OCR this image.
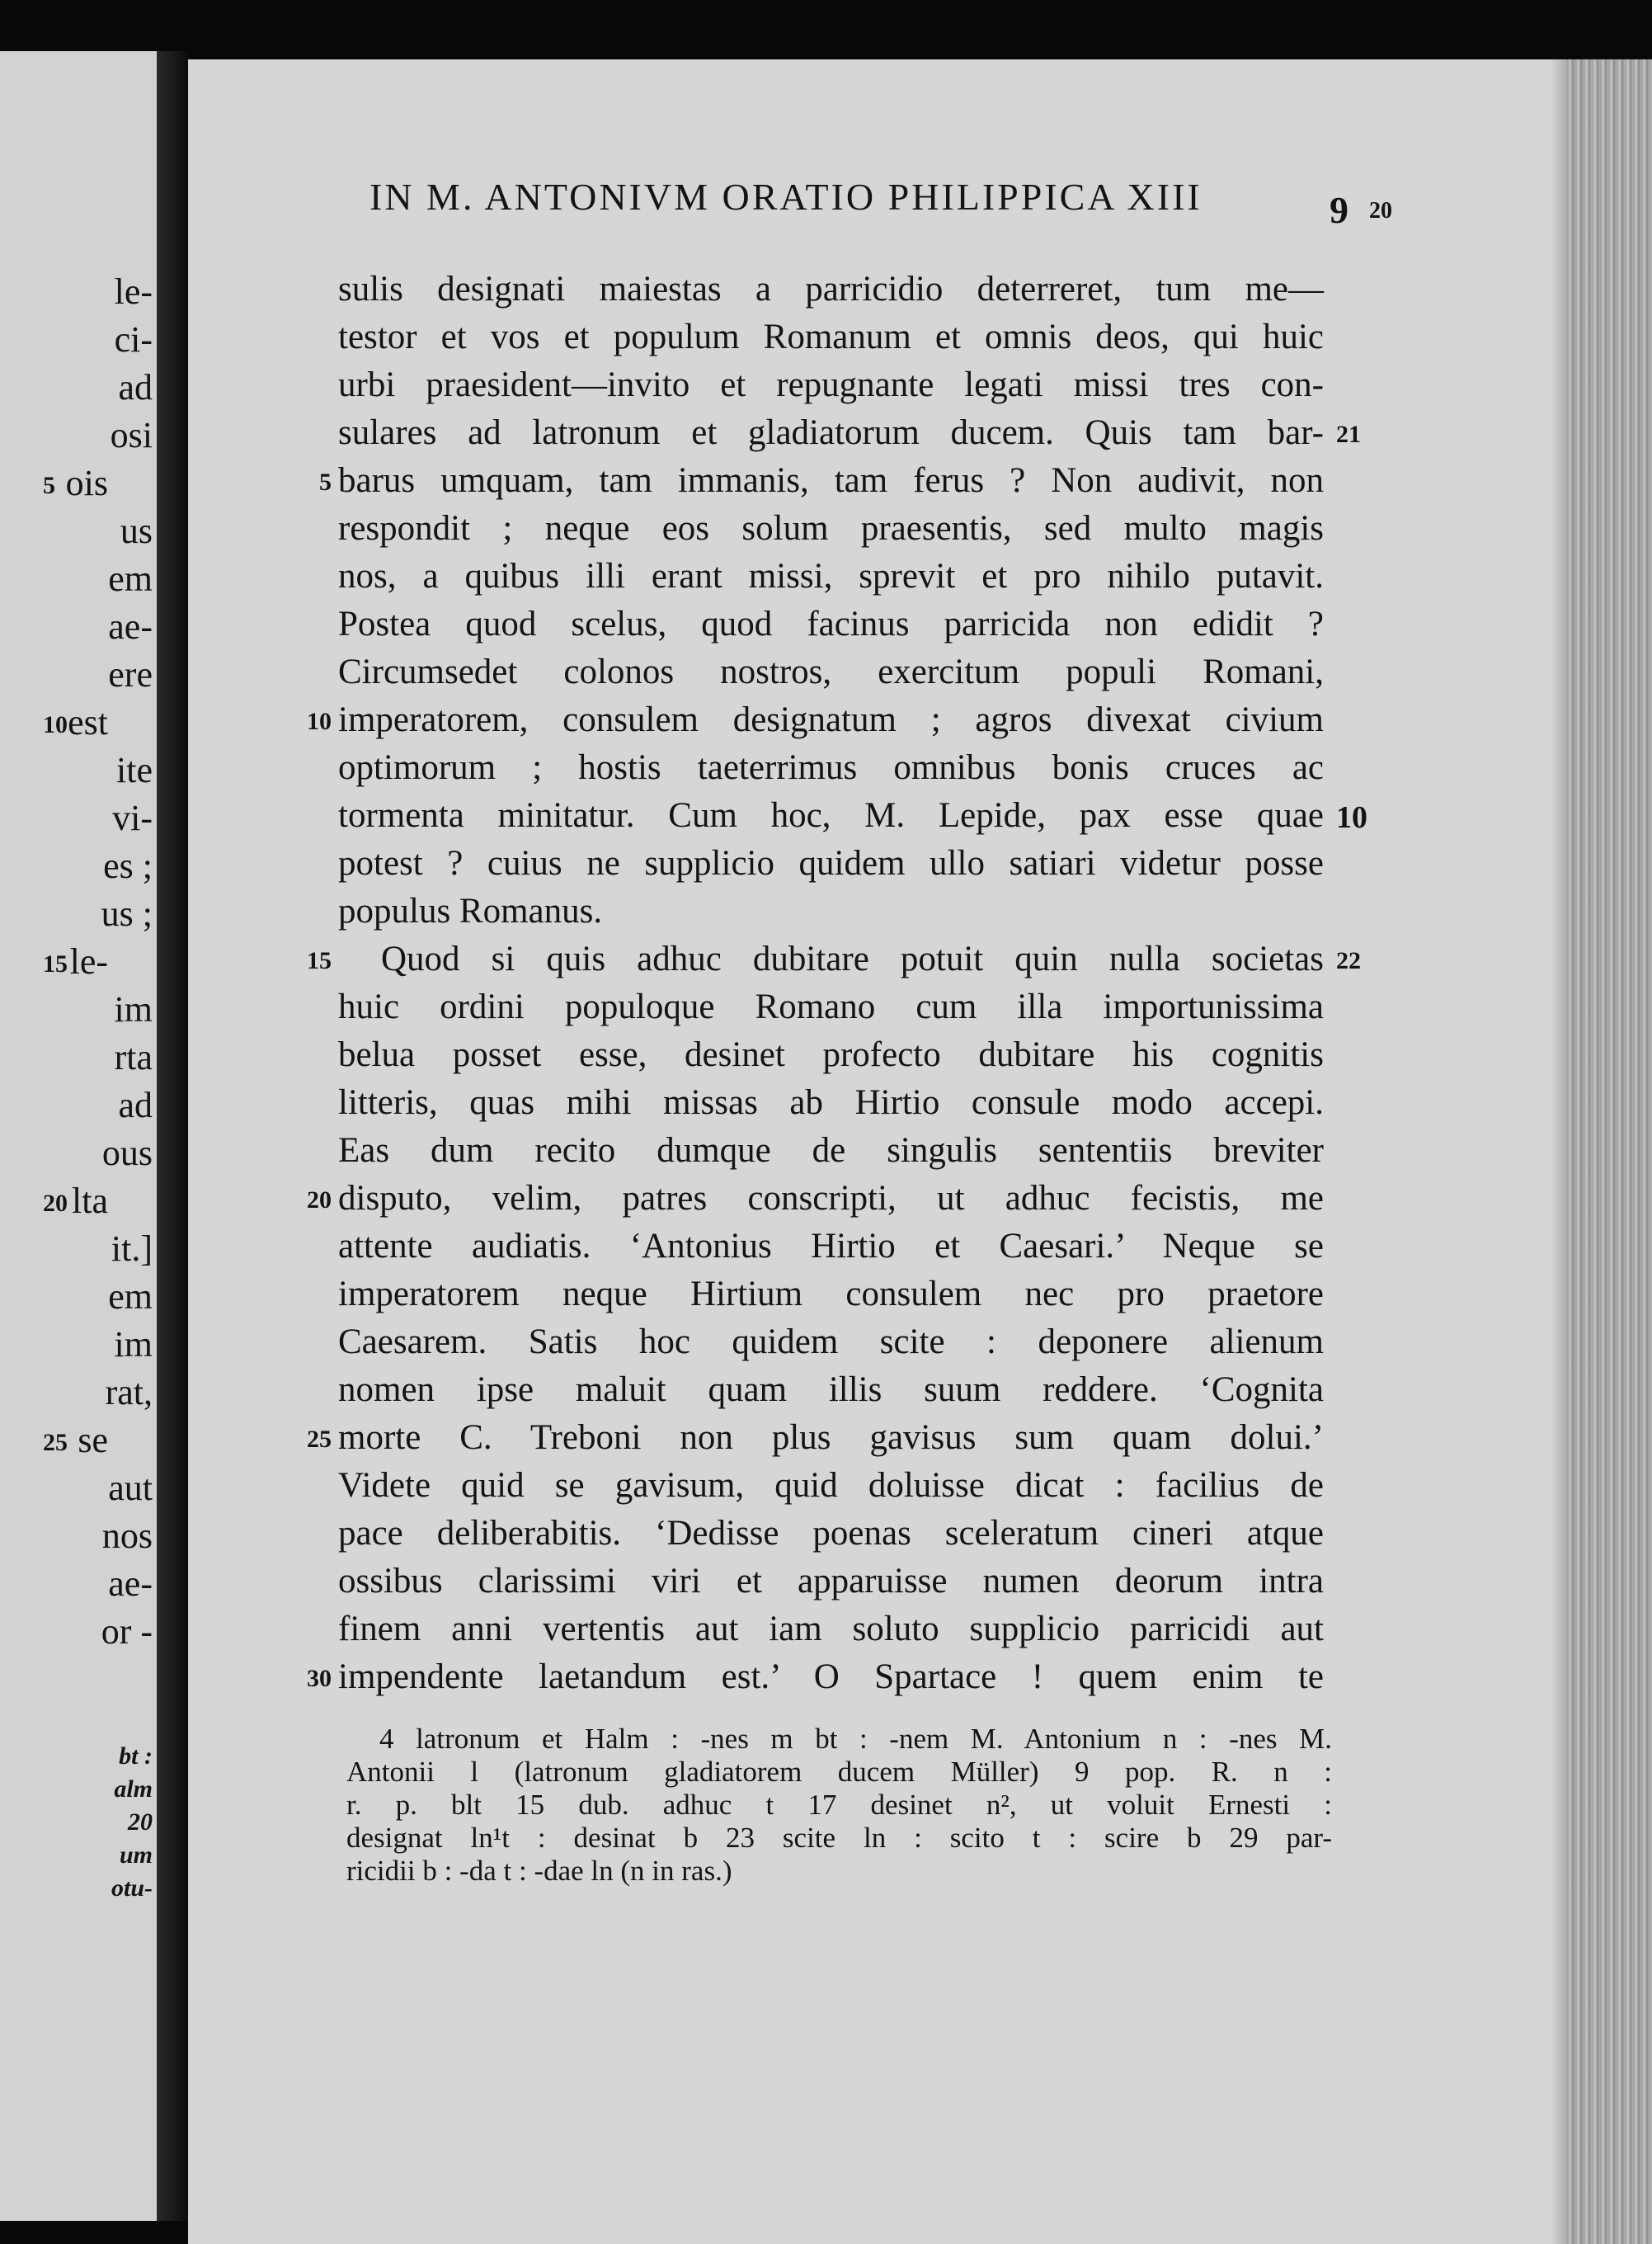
le-
ci-
ad
osi
ois
5
us
em
ae-
ere
est
10
ite
vi-
es ;
us ;
le-
15
im
rta
ad
ous
lta
20
it.]
em
im
rat,
se
25
aut
nos
ae-
or -
bt :
alm
20
um
otu-
IN M. ANTONIVM ORATIO PHILIPPICA XIII	9 20
sulis designati maiestas a parricidio deterreret, tum me—
testor et vos et populum Romanum et omnis deos, qui huic
urbi praesident—invito et repugnante legati missi tres con-
sulares ad latronum et gladiatorum ducem. Quis tam bar-
barus umquam, tam immanis, tam ferus ? Non audivit, non
respondit ; neque eos solum praesentis, sed multo magis
nos, a quibus illi erant missi, sprevit et pro nihilo putavit.
Postea quod scelus, quod facinus parricida non edidit ?
Circumsedet colonos nostros, exercitum populi Romani,
imperatorem, consulem designatum ; agros divexat civium
optimorum ; hostis taeterrimus omnibus bonis cruces ac
tormenta minitatur. Cum hoc, M. Lepide, pax esse quae
potest ? cuius ne supplicio quidem ullo satiari videtur posse
populus Romanus.
Quod si quis adhuc dubitare potuit quin nulla societas
huic ordini populoque Romano cum illa importunissima
belua posset esse, desinet profecto dubitare his cognitis
litteris, quas mihi missas ab Hirtio consule modo accepi.
Eas dum recito dumque de singulis sententiis breviter
disputo, velim, patres conscripti, ut adhuc fecistis, me
attente audiatis. ‘Antonius Hirtio et Caesari.’ Neque se
imperatorem neque Hirtium consulem nec pro praetore
Caesarem. Satis hoc quidem scite : deponere alienum
nomen ipse maluit quam illis suum reddere. ‘Cognita
morte C. Treboni non plus gavisus sum quam dolui.’
Videte quid se gavisum, quid doluisse dicat : facilius de
pace deliberabitis. ‘Dedisse poenas sceleratum cineri atque
ossibus clarissimi viri et apparuisse numen deorum intra
finem anni vertentis aut iam soluto supplicio parricidi aut
impendente laetandum est.’ O Spartace ! quem enim te
5
10
15
20
25
30
21
10
22
4 latronum et Halm : -nes m bt : -nem M. Antonium n : -nes M.
Antonii l (latronum gladiatorem ducem Müller) 9 pop. R. n :
r. p. blt 15 dub. adhuc t 17 desinet n², ut voluit Ernesti :
designat ln¹t : desinat b 23 scite ln : scito t : scire b 29 par-
ricidii b : -da t : -dae ln (n in ras.)
